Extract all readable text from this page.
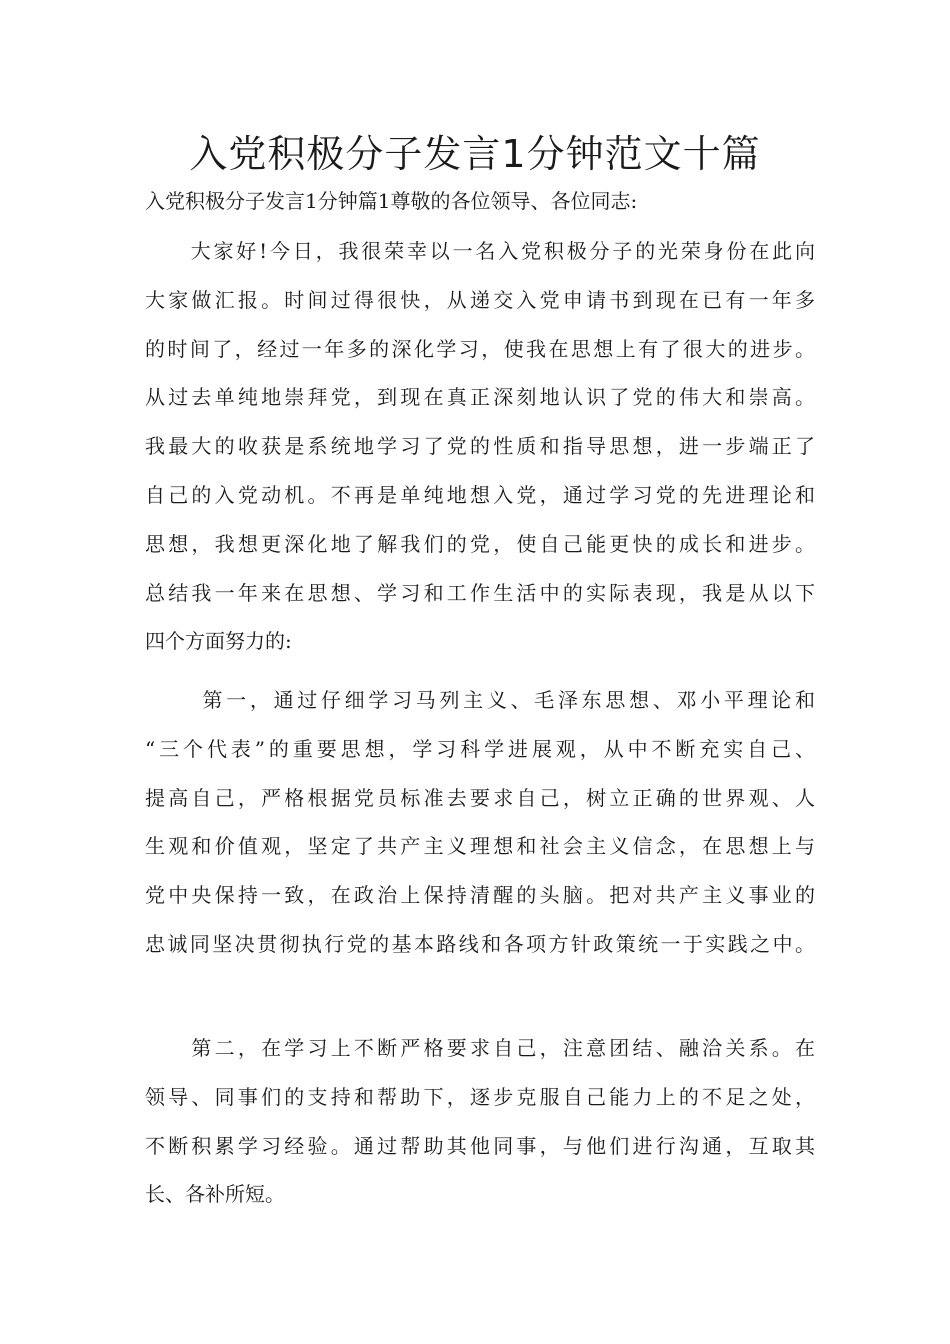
入党积极分子发言1分钟范文十篇
入党积极分子发言1分钟篇1尊敬的各位领导、各位同志:
　　大家好!今日，我很荣幸以一名入党积极分子的光荣身份在此向
大家做汇报。时间过得很快，从递交入党申请书到现在已有一年多
的时间了，经过一年多的深化学习，使我在思想上有了很大的进步。
从过去单纯地崇拜党，到现在真正深刻地认识了党的伟大和崇高。
我最大的收获是系统地学习了党的性质和指导思想，进一步端正了
自己的入党动机。不再是单纯地想入党，通过学习党的先进理论和
思想，我想更深化地了解我们的党，使自己能更快的成长和进步。
总结我一年来在思想、学习和工作生活中的实际表现，我是从以下
四个方面努力的:
　　 第一，通过仔细学习马列主义、毛泽东思想、邓小平理论和
“三个代表”的重要思想，学习科学进展观，从中不断充实自己、
提高自己，严格根据党员标准去要求自己，树立正确的世界观、人
生观和价值观，坚定了共产主义理想和社会主义信念，在思想上与
党中央保持一致，在政治上保持清醒的头脑。把对共产主义事业的
忠诚同坚决贯彻执行党的基本路线和各项方针政策统一于实践之中。
　　第二，在学习上不断严格要求自己，注意团结、融洽关系。在
领导、同事们的支持和帮助下，逐步克服自己能力上的不足之处，
不断积累学习经验。通过帮助其他同事，与他们进行沟通，互取其
长、各补所短。
